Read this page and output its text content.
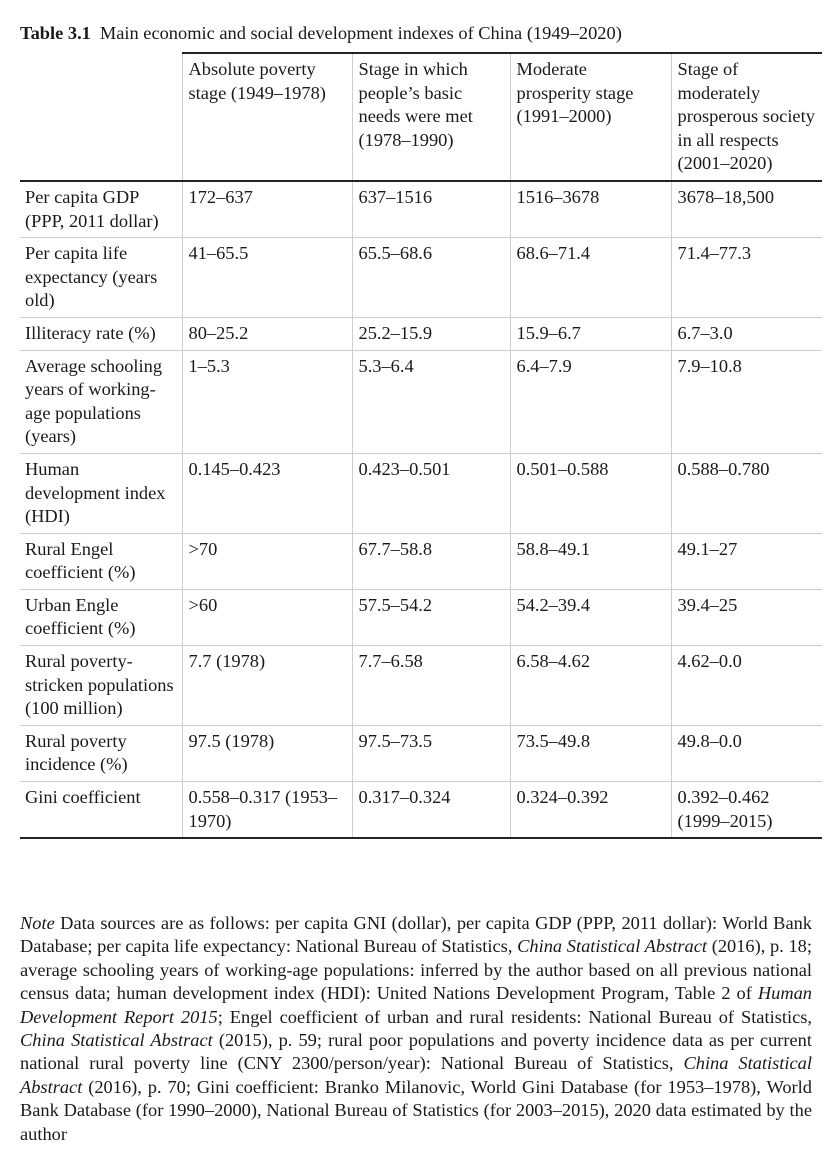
Table 3.1 Main economic and social development indexes of China (1949–2020)
	Absolute poverty stage (1949–1978)	Stage in which people’s basic needs were met (1978–1990)	Moderate prosperity stage (1991–2000)	Stage of moderately prosperous society in all respects (2001–2020)
Per capita GDP (PPP, 2011 dollar)	172–637	637–1516	1516–3678	3678–18,500
Per capita life expectancy (years old)	41–65.5	65.5–68.6	68.6–71.4	71.4–77.3
Illiteracy rate (%)	80–25.2	25.2–15.9	15.9–6.7	6.7–3.0
Average schooling years of working-age populations (years)	1–5.3	5.3–6.4	6.4–7.9	7.9–10.8
Human development index (HDI)	0.145–0.423	0.423–0.501	0.501–0.588	0.588–0.780
Rural Engel coefficient (%)	>70	67.7–58.8	58.8–49.1	49.1–27
Urban Engle coefficient (%)	>60	57.5–54.2	54.2–39.4	39.4–25
Rural poverty-stricken populations (100 million)	7.7 (1978)	7.7–6.58	6.58–4.62	4.62–0.0
Rural poverty incidence (%)	97.5 (1978)	97.5–73.5	73.5–49.8	49.8–0.0
Gini coefficient	0.558–0.317 (1953–1970)	0.317–0.324	0.324–0.392	0.392–0.462 (1999–2015)
Note Data sources are as follows: per capita GNI (dollar), per capita GDP (PPP, 2011 dollar): World Bank Database; per capita life expectancy: National Bureau of Statistics, China Statistical Abstract (2016), p. 18; average schooling years of working-age populations: inferred by the author based on all previous national census data; human development index (HDI): United Nations Development Program, Table 2 of Human Development Report 2015; Engel coefficient of urban and rural residents: National Bureau of Statistics, China Statistical Abstract (2015), p. 59; rural poor populations and poverty incidence data as per current national rural poverty line (CNY 2300/person/year): National Bureau of Statistics, China Statistical Abstract (2016), p. 70; Gini coefficient: Branko Milanovic, World Gini Database (for 1953–1978), World Bank Database (for 1990–2000), National Bureau of Statistics (for 2003–2015), 2020 data estimated by the author
